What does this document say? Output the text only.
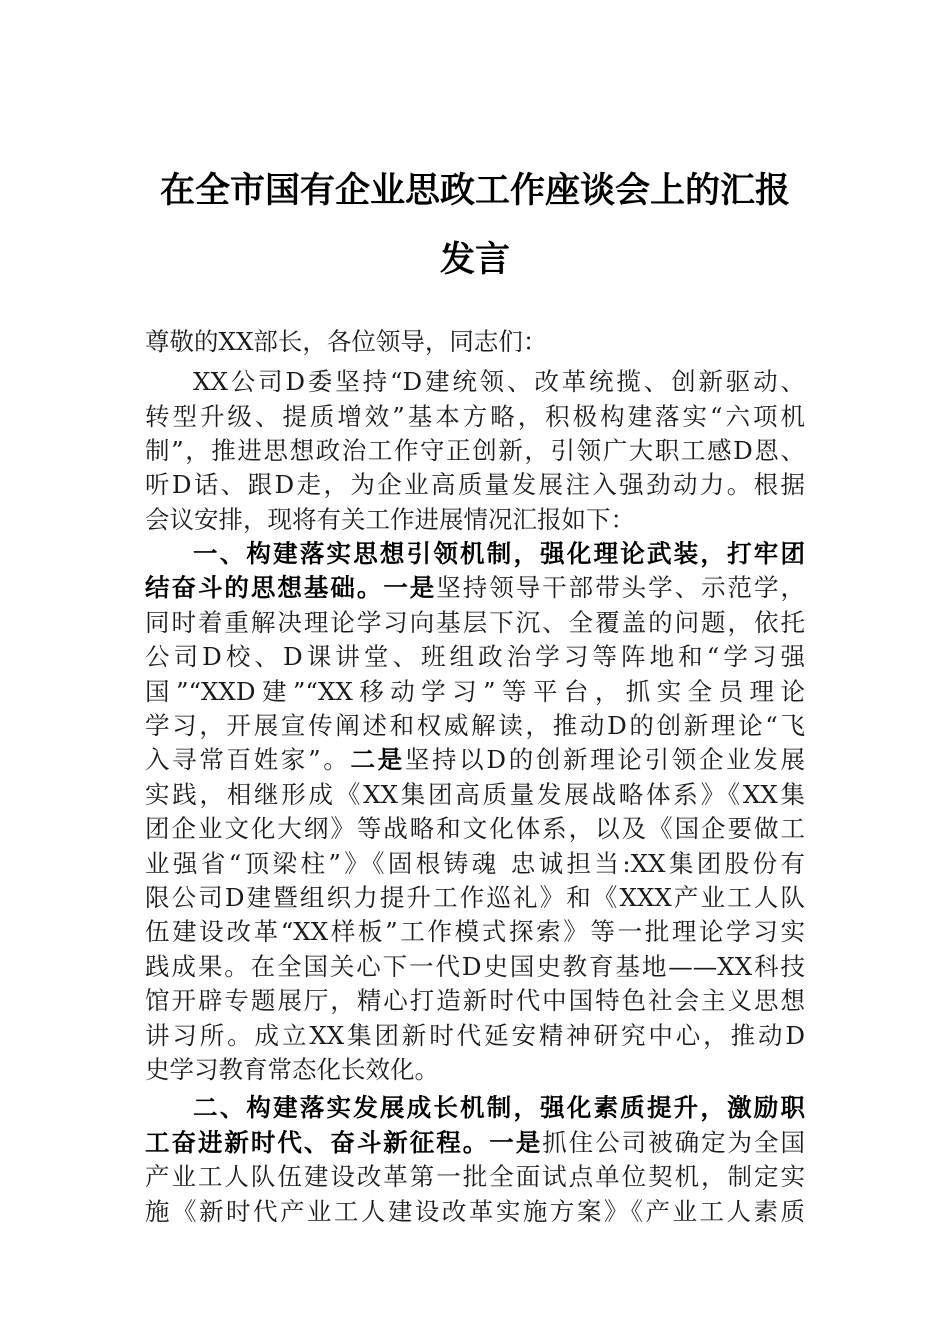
在全市国有企业思政工作座谈会上的汇报
发言
尊敬的XX部长，各位领导，同志们：
XX公司D委坚持“D建统领、改革统揽、创新驱动、
转型升级、提质增效”基本方略，积极构建落实“六项机
制”，推进思想政治工作守正创新，引领广大职工感D恩、
听D话、跟D走，为企业高质量发展注入强劲动力。根据
会议安排，现将有关工作进展情况汇报如下：
一、构建落实思想引领机制，强化理论武装，打牢团
结奋斗的思想基础。一是坚持领导干部带头学、示范学，
同时着重解决理论学习向基层下沉、全覆盖的问题，依托
公司D校、D课讲堂、班组政治学习等阵地和“学习强
国”“XXD建”“XX移动学习”等平台，抓实全员理论
学习，开展宣传阐述和权威解读，推动D的创新理论“飞
入寻常百姓家”。二是坚持以D的创新理论引领企业发展
实践，相继形成《XX集团高质量发展战略体系》《XX集
团企业文化大纲》等战略和文化体系，以及《国企要做工
业强省“顶梁柱”》《固根铸魂 忠诚担当:XX集团股份有
限公司D建暨组织力提升工作巡礼》和《XXX产业工人队
伍建设改革“XX样板”工作模式探索》等一批理论学习实
践成果。在全国关心下一代D史国史教育基地——XX科技
馆开辟专题展厅，精心打造新时代中国特色社会主义思想
讲习所。成立XX集团新时代延安精神研究中心，推动D
史学习教育常态化长效化。
二、构建落实发展成长机制，强化素质提升，激励职
工奋进新时代、奋斗新征程。一是抓住公司被确定为全国
产业工人队伍建设改革第一批全面试点单位契机，制定实
施《新时代产业工人建设改革实施方案》《产业工人素质
